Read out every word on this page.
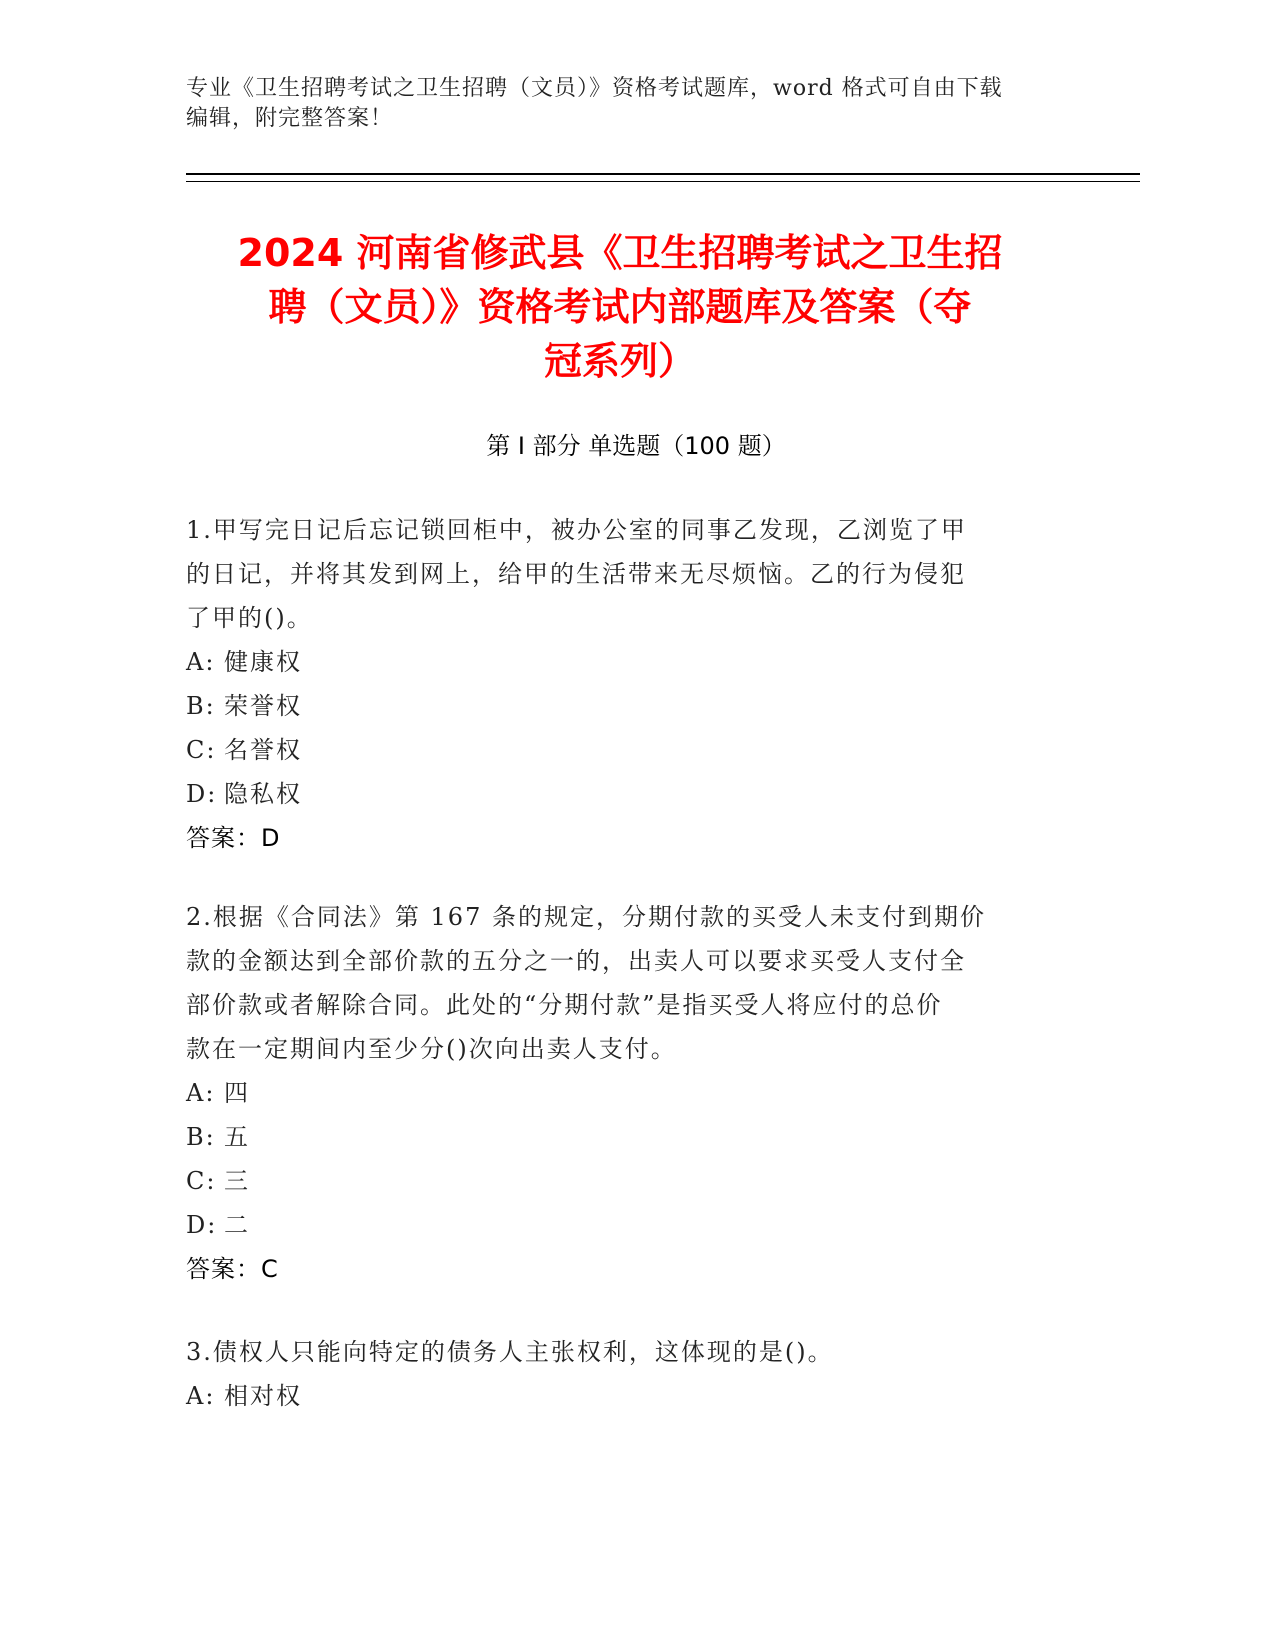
专业《卫生招聘考试之卫生招聘（文员）》资格考试题库，word 格式可自由下载
编辑，附完整答案！
2024 河南省修武县《卫生招聘考试之卫生招
聘（文员）》资格考试内部题库及答案（夺
冠系列）
第 I 部分 单选题（100 题）
1.甲写完日记后忘记锁回柜中，被办公室的同事乙发现，乙浏览了甲
的日记，并将其发到网上，给甲的生活带来无尽烦恼。乙的行为侵犯
了甲的()。
A: 健康权
B: 荣誉权
C: 名誉权
D: 隐私权
答案：D
2.根据《合同法》第 167 条的规定，分期付款的买受人未支付到期价
款的金额达到全部价款的五分之一的，出卖人可以要求买受人支付全
部价款或者解除合同。此处的“分期付款”是指买受人将应付的总价
款在一定期间内至少分()次向出卖人支付。
A: 四
B: 五
C: 三
D: 二
答案：C
3.债权人只能向特定的债务人主张权利，这体现的是()。
A: 相对权
